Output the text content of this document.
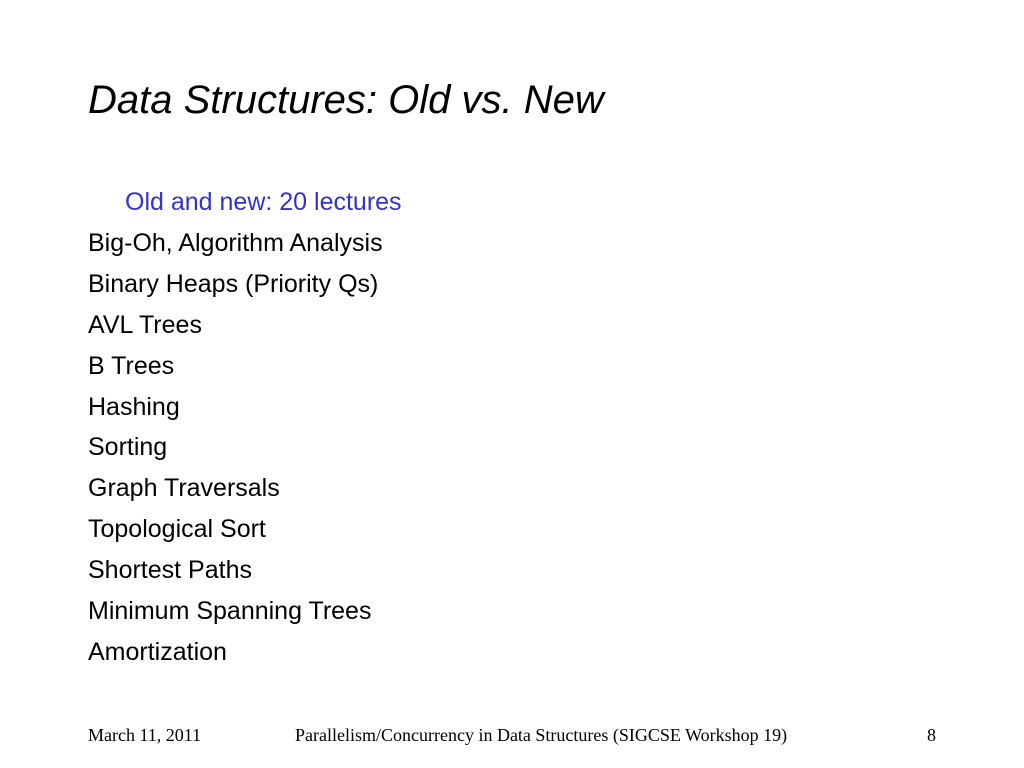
Data Structures: Old vs. New
Old and new: 20 lectures
Big-Oh, Algorithm Analysis
Binary Heaps (Priority Qs)
AVL Trees
B Trees
Hashing
Sorting
Graph Traversals
Topological Sort
Shortest Paths
Minimum Spanning Trees
Amortization
March 11, 2011	Parallelism/Concurrency in Data Structures (SIGCSE Workshop 19)	8
